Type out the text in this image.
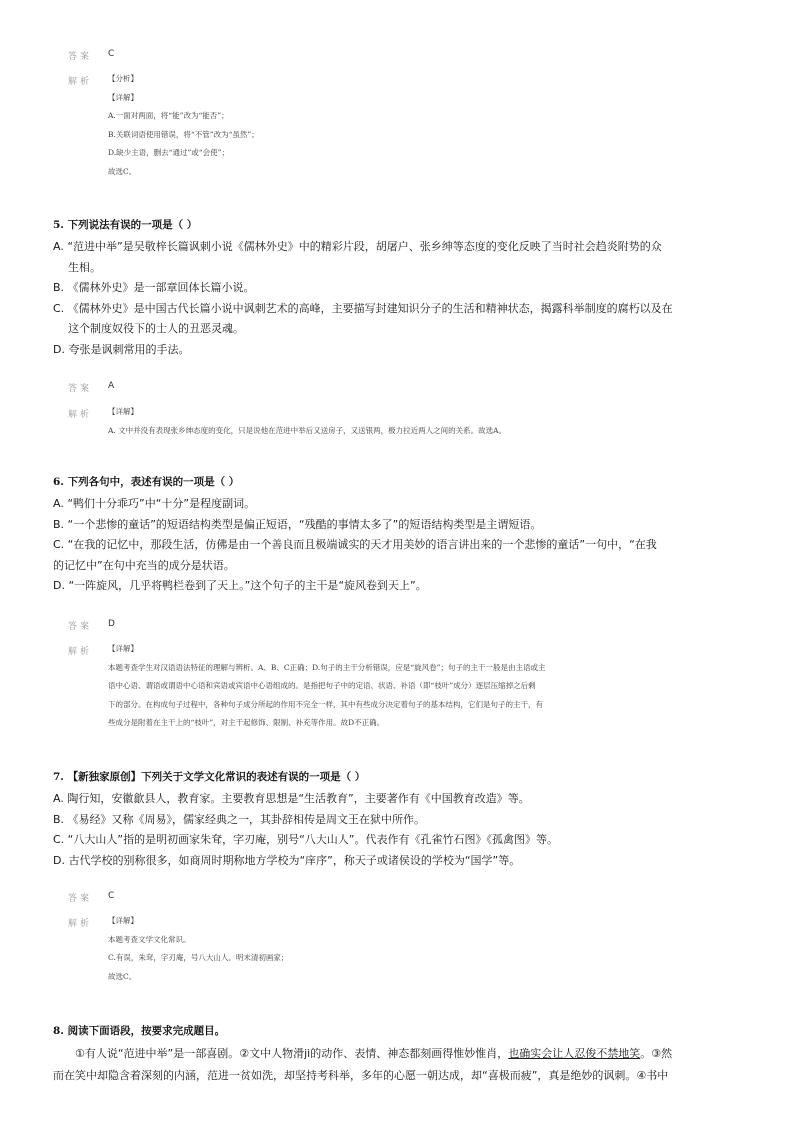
答案 C
解析 【分析】
【详解】
A.一面对两面，将“能”改为“能否”；
B.关联词语使用错误，将“不管”改为“虽然”；
D.缺少主语，删去“通过”或“会使”；
故选C。
5. 下列说法有误的一项是（ ）
A. “范进中举”是吴敬梓长篇讽刺小说《儒林外史》中的精彩片段，胡屠户、张乡绅等态度的变化反映了当时社会趋炎附势的众
生相。
B. 《儒林外史》是一部章回体长篇小说。
C. 《儒林外史》是中国古代长篇小说中讽刺艺术的高峰，主要描写封建知识分子的生活和精神状态，揭露科举制度的腐朽以及在
这个制度奴役下的士人的丑恶灵魂。
D. 夸张是讽刺常用的手法。
答案 A
解析 【详解】
A. 文中并没有表现张乡绅态度的变化，只是说他在范进中举后又送房子，又送银两，极力拉近两人之间的关系。故选A。
6. 下列各句中，表述有误的一项是（ ）
A. “鸭们十分乖巧”中“十分”是程度副词。
B. “一个悲惨的童话”的短语结构类型是偏正短语，“残酷的事情太多了”的短语结构类型是主谓短语。
C. “在我的记忆中，那段生活，仿佛是由一个善良而且极端诚实的天才用美妙的语言讲出来的一个悲惨的童话”一句中，“在我
的记忆中”在句中充当的成分是状语。
D. “一阵旋风，几乎将鸭栏卷到了天上。”这个句子的主干是“旋风卷到天上”。
答案 D
解析 【详解】
本题考查学生对汉语语法特征的理解与辨析。A、B、C正确；D.句子的主干分析错误，应是“旋风卷”；句子的主干一般是由主语或主
语中心语、谓语或谓语中心语和宾语或宾语中心语组成的。是指把句子中的定语、状语、补语（即“枝叶”成分）逐层压缩掉之后剩
下的部分。在构成句子过程中，各种句子成分所起的作用不完全一样，其中有些成分决定着句子的基本结构，它们是句子的主干，有
些成分是附着在主干上的“枝叶”，对主干起修饰、限制、补充等作用。故D不正确。
7. 【新独家原创】下列关于文学文化常识的表述有误的一项是（ ）
A. 陶行知，安徽歙县人，教育家。主要教育思想是“生活教育”，主要著作有《中国教育改造》等。
B. 《易经》又称《周易》，儒家经典之一，其卦辞相传是周文王在狱中所作。
C. “八大山人”指的是明初画家朱耷，字刃庵，别号“八大山人”。代表作有《孔雀竹石图》《孤禽图》等。
D. 古代学校的别称很多，如商周时期称地方学校为“庠序”，称天子或诸侯设的学校为“国学”等。
答案 C
解析 【详解】
本题考查文学文化常识。
C.有误，朱耷，字刃庵，号八大山人。明末清初画家；
故选C。
8. 阅读下面语段，按要求完成题目。
①有人说“范进中举”是一部喜剧。②文中人物滑ji的动作、表情、神态都刻画得惟妙惟肖，也确实会让人忍俊不禁地笑。③然
而在笑中却隐含着深刻的内涵，范进一贫如洗，却坚持考科举，多年的心愿一朝达成，却“喜极而疲”，真是绝妙的讽刺。④书中
